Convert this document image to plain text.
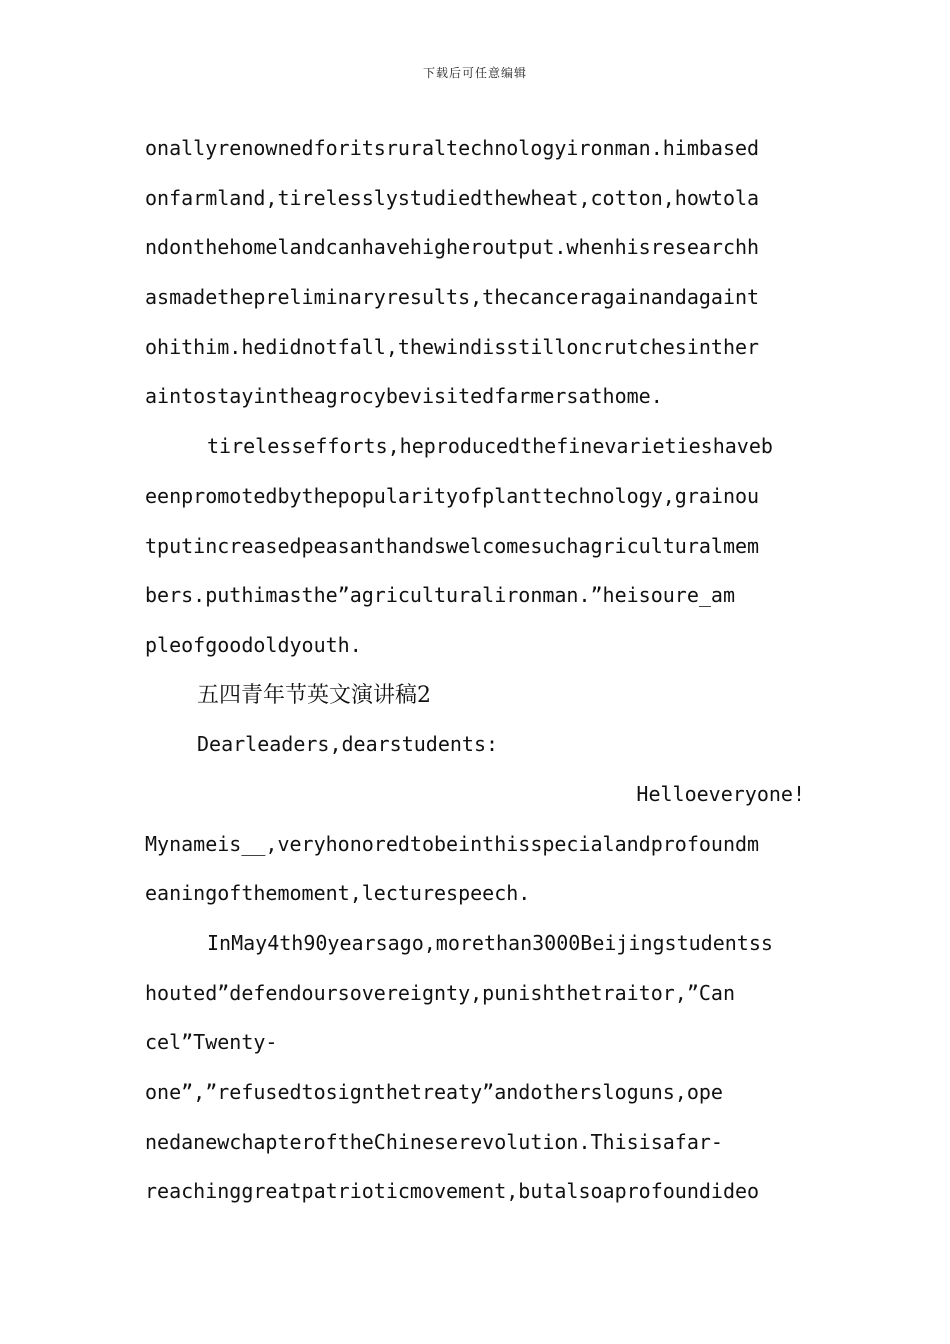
下载后可任意编辑
onallyrenownedforitsruraltechnologyironman.himbased
onfarmland,tirelesslystudiedthewheat,cotton,howtola
ndonthehomelandcanhavehigheroutput.whenhisresearchh
asmadethepreliminaryresults,thecanceragainandagaint
ohithim.hedidnotfall,thewindisstilloncrutchesinther
aintostayintheagrocybevisitedfarmersathome.
tirelessefforts,heproducedthefinevarietieshaveb
eenpromotedbythepopularityofplanttechnology,grainou
tputincreasedpeasanthandswelcomesuchagriculturalmem
bers.puthimasthe”agriculturalironman.”heisoure_am
pleofgoodoldyouth.
五四青年节英文演讲稿2
Dearleaders,dearstudents:
Helloeveryone!
Mynameis__,veryhonoredtobeinthisspecialandprofoundm
eaningofthemoment,lecturespeech.
InMay4th90yearsago,morethan3000Beijingstudentss
houted”defendoursovereignty,punishthetraitor,”Can
cel”Twenty-
one”,”refusedtosignthetreaty”andothersloguns,ope
nedanewchapteroftheChineserevolution.Thisisafar-
reachinggreatpatrioticmovement,butalsoaprofoundideo
